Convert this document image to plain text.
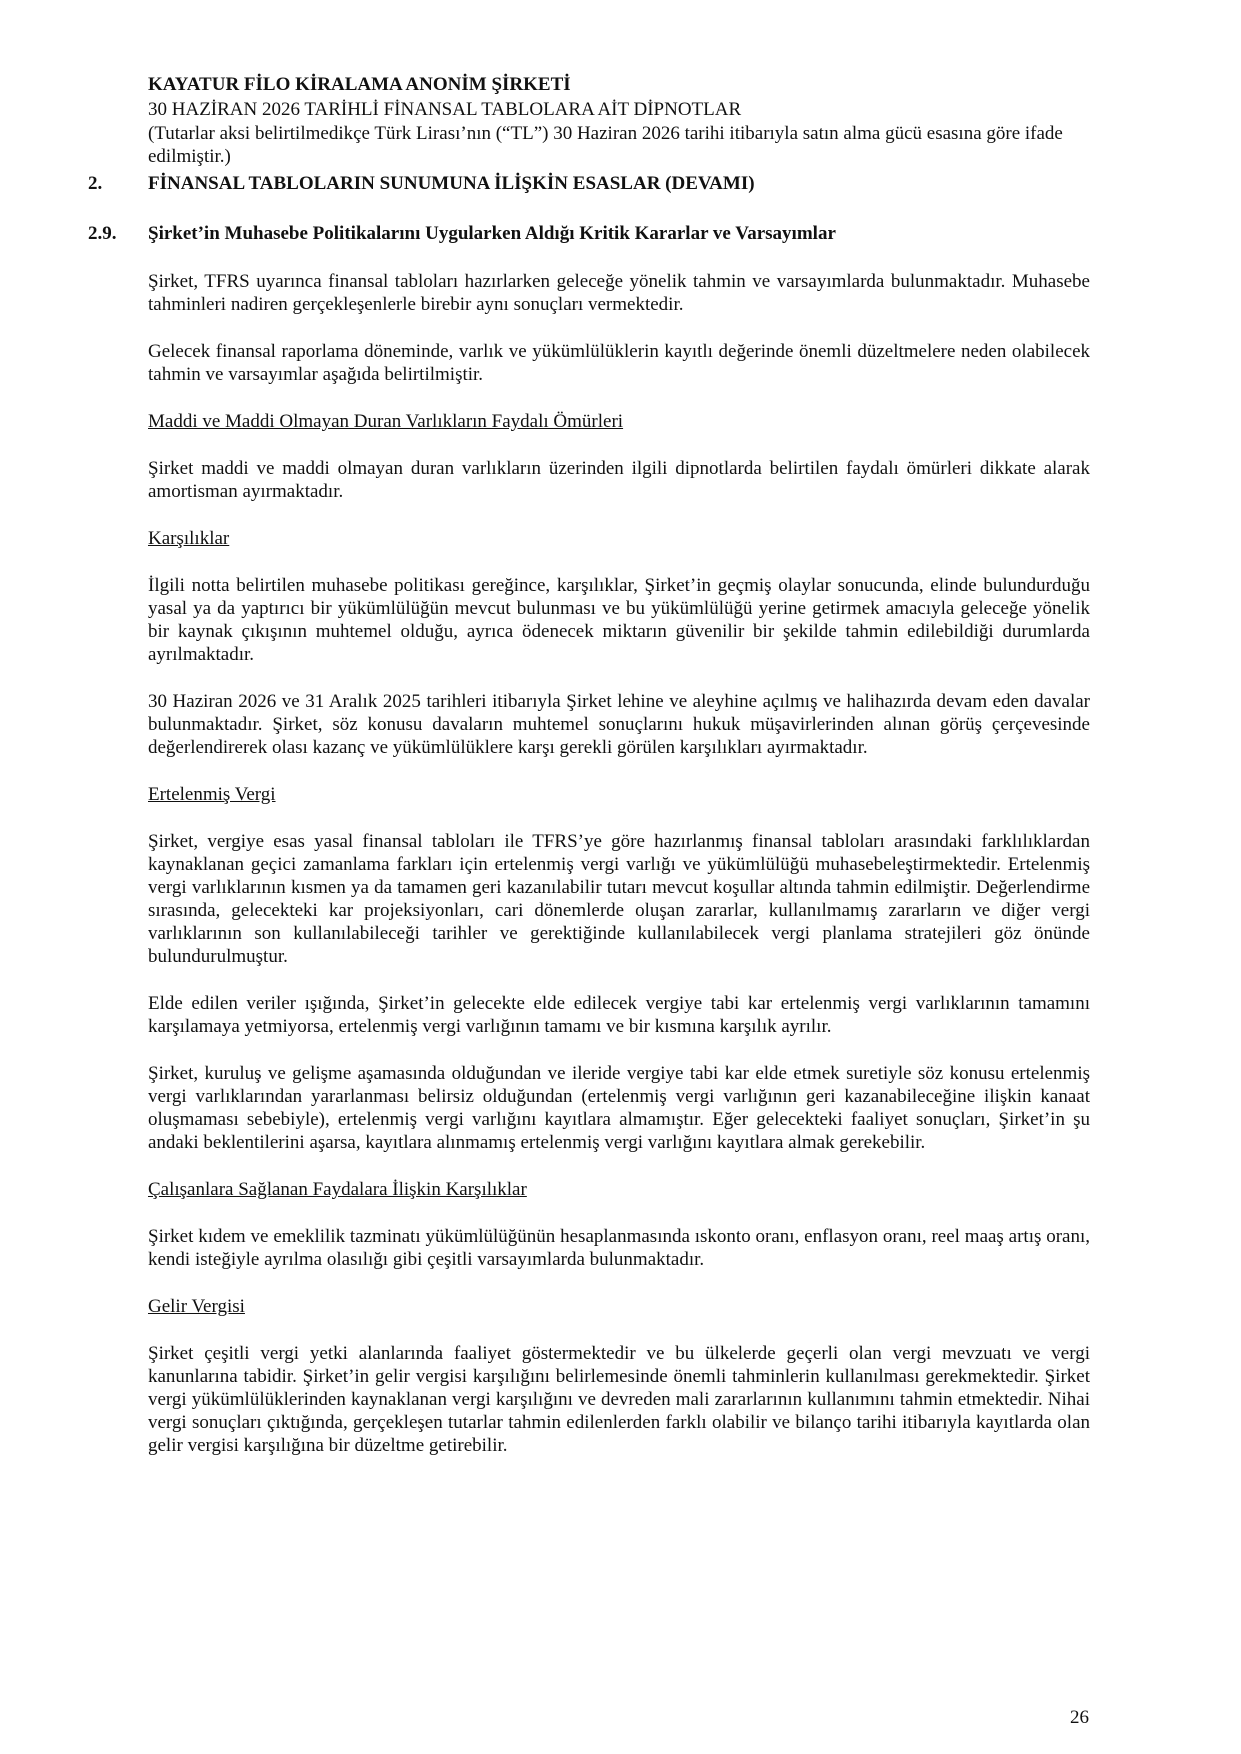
KAYATUR FİLO KİRALAMA ANONİM ŞİRKETİ
30 HAZİRAN 2026 TARİHLİ FİNANSAL TABLOLARA AİT DİPNOTLAR
(Tutarlar aksi belirtilmedikçe Türk Lirası’nın (“TL”) 30 Haziran 2026 tarihi itibarıyla satın alma gücü esasına göre ifade edilmiştir.)
2. FİNANSAL TABLOLARIN SUNUMUNA İLİŞKİN ESASLAR (DEVAMI)
2.9. Şirket’in Muhasebe Politikalarını Uygularken Aldığı Kritik Kararlar ve Varsayımlar
Şirket, TFRS uyarınca finansal tabloları hazırlarken geleceğe yönelik tahmin ve varsayımlarda bulunmaktadır. Muhasebe tahminleri nadiren gerçekleşenlerle birebir aynı sonuçları vermektedir.
Gelecek finansal raporlama döneminde, varlık ve yükümlülüklerin kayıtlı değerinde önemli düzeltmelere neden olabilecek tahmin ve varsayımlar aşağıda belirtilmiştir.
Maddi ve Maddi Olmayan Duran Varlıkların Faydalı Ömürleri
Şirket maddi ve maddi olmayan duran varlıkların üzerinden ilgili dipnotlarda belirtilen faydalı ömürleri dikkate alarak amortisman ayırmaktadır.
Karşılıklar
İlgili notta belirtilen muhasebe politikası gereğince, karşılıklar, Şirket’in geçmiş olaylar sonucunda, elinde bulundurduğu yasal ya da yaptırıcı bir yükümlülüğün mevcut bulunması ve bu yükümlülüğü yerine getirmek amacıyla geleceğe yönelik bir kaynak çıkışının muhtemel olduğu, ayrıca ödenecek miktarın güvenilir bir şekilde tahmin edilebildiği durumlarda ayrılmaktadır.
30 Haziran 2026 ve 31 Aralık 2025 tarihleri itibarıyla Şirket lehine ve aleyhine açılmış ve halihazırda devam eden davalar bulunmaktadır. Şirket, söz konusu davaların muhtemel sonuçlarını hukuk müşavirlerinden alınan görüş çerçevesinde değerlendirerek olası kazanç ve yükümlülüklere karşı gerekli görülen karşılıkları ayırmaktadır.
Ertelenmiş Vergi
Şirket, vergiye esas yasal finansal tabloları ile TFRS’ye göre hazırlanmış finansal tabloları arasındaki farklılıklardan kaynaklanan geçici zamanlama farkları için ertelenmiş vergi varlığı ve yükümlülüğü muhasebeleştirmektedir. Ertelenmiş vergi varlıklarının kısmen ya da tamamen geri kazanılabilir tutarı mevcut koşullar altında tahmin edilmiştir. Değerlendirme sırasında, gelecekteki kar projeksiyonları, cari dönemlerde oluşan zararlar, kullanılmamış zararların ve diğer vergi varlıklarının son kullanılabileceği tarihler ve gerektiğinde kullanılabilecek vergi planlama stratejileri göz önünde bulundurulmuştur.
Elde edilen veriler ışığında, Şirket’in gelecekte elde edilecek vergiye tabi kar ertelenmiş vergi varlıklarının tamamını karşılamaya yetmiyorsa, ertelenmiş vergi varlığının tamamı ve bir kısmına karşılık ayrılır.
Şirket, kuruluş ve gelişme aşamasında olduğundan ve ileride vergiye tabi kar elde etmek suretiyle söz konusu ertelenmiş vergi varlıklarından yararlanması belirsiz olduğundan (ertelenmiş vergi varlığının geri kazanabileceğine ilişkin kanaat oluşmaması sebebiyle), ertelenmiş vergi varlığını kayıtlara almamıştır. Eğer gelecekteki faaliyet sonuçları, Şirket’in şu andaki beklentilerini aşarsa, kayıtlara alınmamış ertelenmiş vergi varlığını kayıtlara almak gerekebilir.
Çalışanlara Sağlanan Faydalara İlişkin Karşılıklar
Şirket kıdem ve emeklilik tazminatı yükümlülüğünün hesaplanmasında ıskonto oranı, enflasyon oranı, reel maaş artış oranı, kendi isteğiyle ayrılma olasılığı gibi çeşitli varsayımlarda bulunmaktadır.
Gelir Vergisi
Şirket çeşitli vergi yetki alanlarında faaliyet göstermektedir ve bu ülkelerde geçerli olan vergi mevzuatı ve vergi kanunlarına tabidir. Şirket’in gelir vergisi karşılığını belirlemesinde önemli tahminlerin kullanılması gerekmektedir. Şirket vergi yükümlülüklerinden kaynaklanan vergi karşılığını ve devreden mali zararlarının kullanımını tahmin etmektedir. Nihai vergi sonuçları çıktığında, gerçekleşen tutarlar tahmin edilenlerden farklı olabilir ve bilanço tarihi itibarıyla kayıtlarda olan gelir vergisi karşılığına bir düzeltme getirebilir.
26
